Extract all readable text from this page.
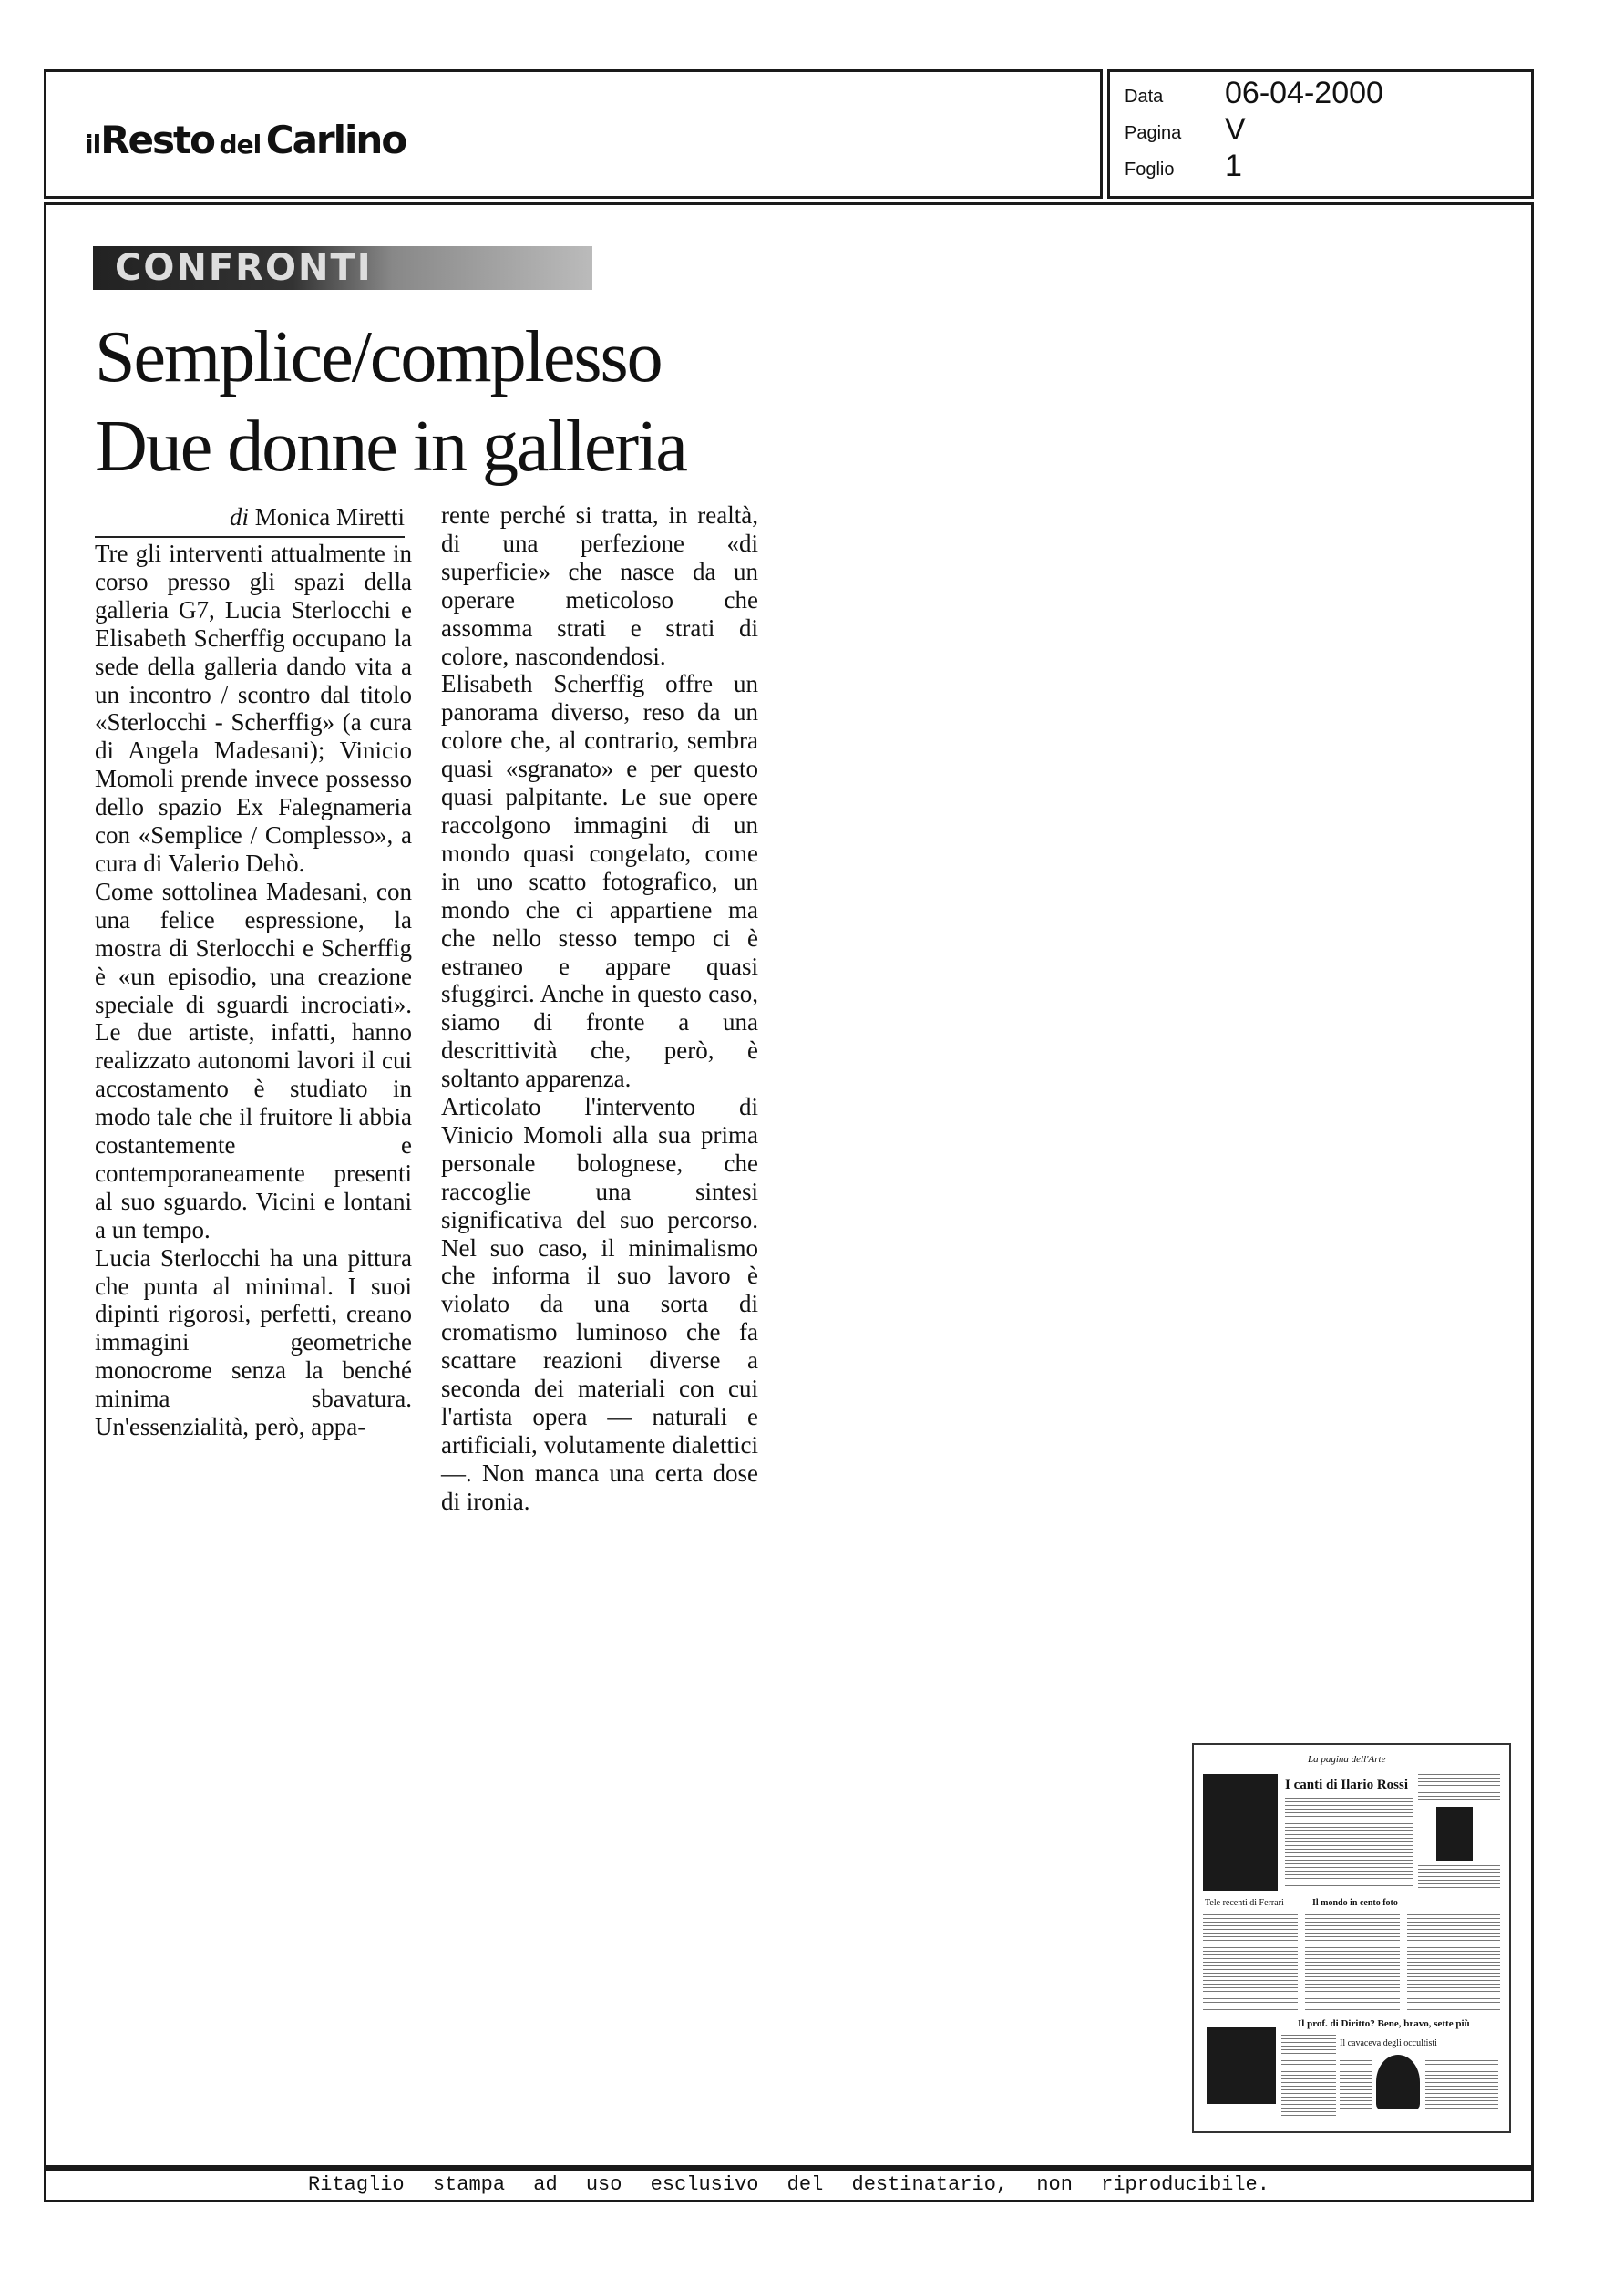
ilResto del Carlino
Data 06-04-2000
Pagina V
Foglio 1
CONFRONTI
Semplice/complesso
Due donne in galleria
di Monica Miretti

Tre gli interventi attualmente in corso presso gli spazi della galleria G7, Lucia Sterlocchi e Elisabeth Scherffig occupano la sede della galleria dando vita a un incontro / scontro dal titolo «Sterlocchi - Scherffig» (a cura di Angela Madesani); Vinicio Momoli prende invece possesso dello spazio Ex Falegnameria con «Semplice / Complesso», a cura di Valerio Dehò.

Come sottolinea Madesani, con una felice espressione, la mostra di Sterlocchi e Scherffig è «un episodio, una creazione speciale di sguardi incrociati». Le due artiste, infatti, hanno realizzato autonomi lavori il cui accostamento è studiato in modo tale che il fruitore li abbia costantemente e contemporaneamente presenti al suo sguardo. Vicini e lontani a un tempo.

Lucia Sterlocchi ha una pittura che punta al minimal. I suoi dipinti rigorosi, perfetti, creano immagini geometriche monocrome senza la benché minima sbavatura. Un'essenzialità, però, appa-

rente perché si tratta, in realtà, di una perfezione «di superficie» che nasce da un operare meticoloso che assomma strati e strati di colore, nascondendosi.

Elisabeth Scherffig offre un panorama diverso, reso da un colore che, al contrario, sembra quasi «sgranato» e per questo quasi palpitante. Le sue opere raccolgono immagini di un mondo quasi congelato, come in uno scatto fotografico, un mondo che ci appartiene ma che nello stesso tempo ci è estraneo e appare quasi sfuggirci. Anche in questo caso, siamo di fronte a una descrittività che, però, è soltanto apparenza.

Articolato l'intervento di Vinicio Momoli alla sua prima personale bolognese, che raccoglie una sintesi significativa del suo percorso. Nel suo caso, il minimalismo che informa il suo lavoro è violato da una sorta di cromatismo luminoso che fa scattare reazioni diverse a seconda dei materiali con cui l'artista opera — naturali e artificiali, volutamente dialettici —. Non manca una certa dose di ironia.

La pagina dell'Arte
I canti di Ilario Rossi
Tele recenti di Ferrari	Il mondo in cento foto
Il prof. di Diritto? Bene, bravo, sette più
Il cavaceva degli occultisti
Ritaglio stampa ad uso esclusivo del destinatario, non riproducibile.
